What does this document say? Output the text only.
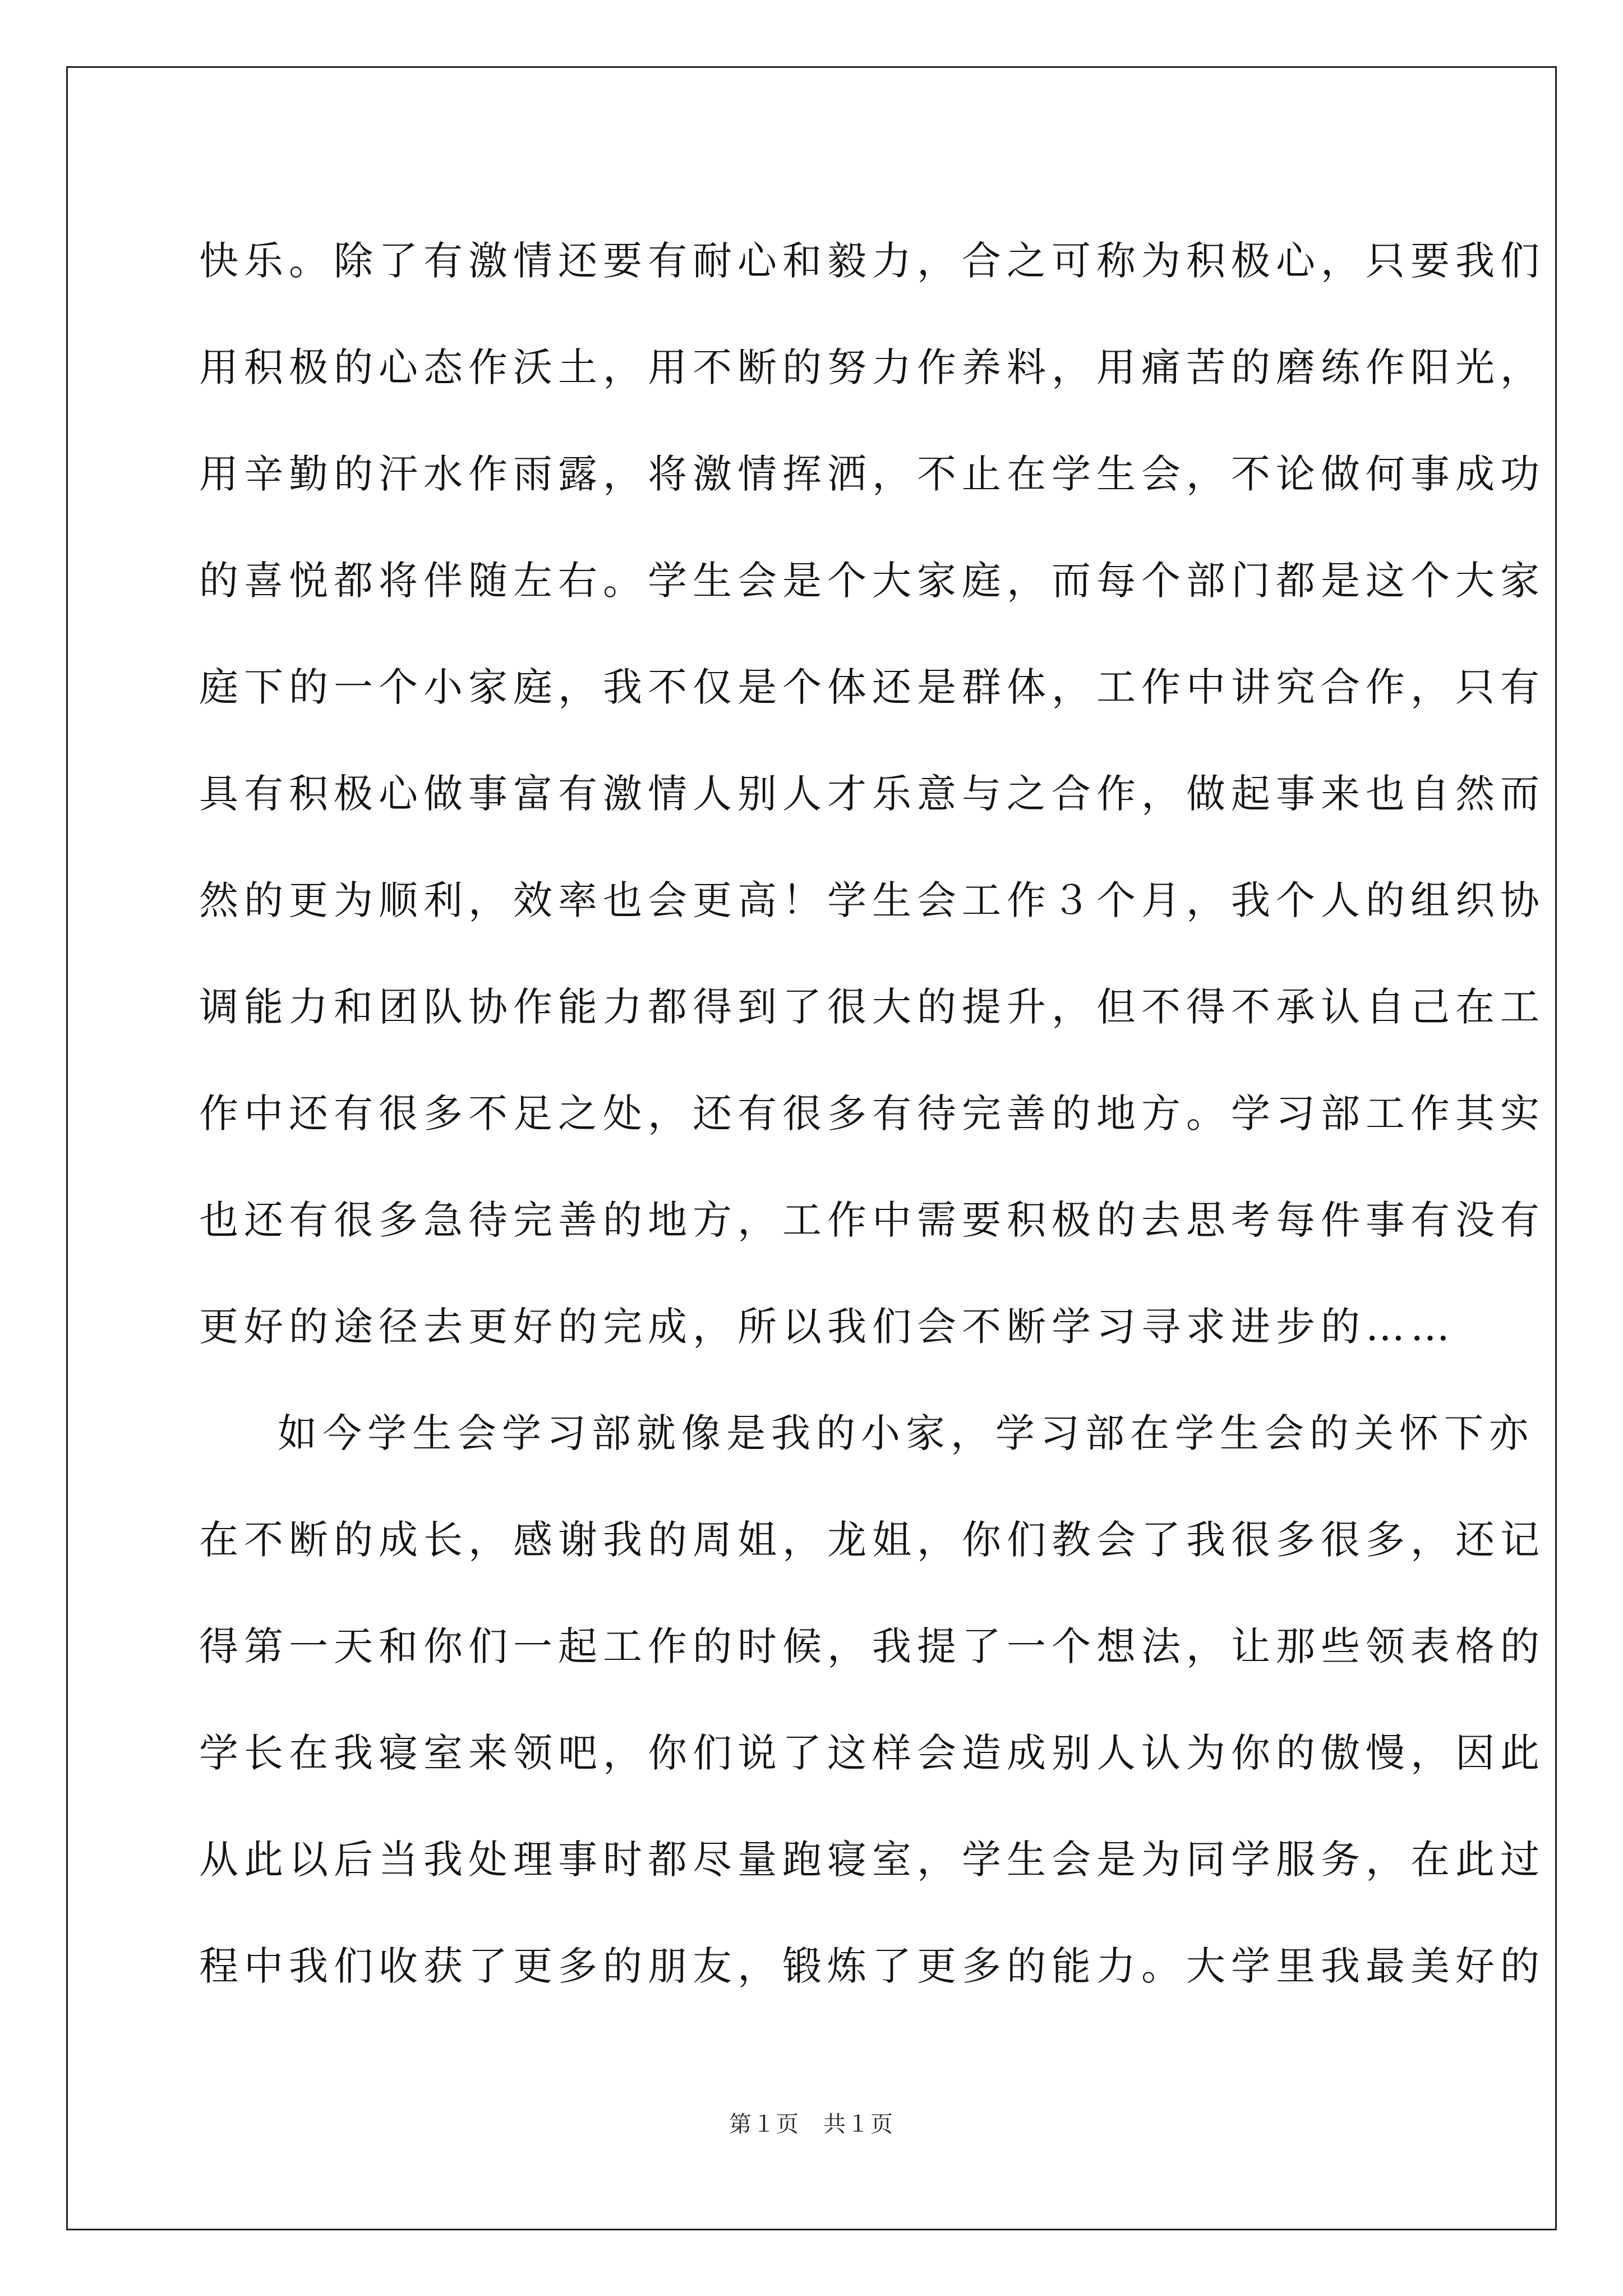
快乐。除了有激情还要有耐心和毅力，合之可称为积极心，只要我们
用积极的心态作沃土，用不断的努力作养料，用痛苦的磨练作阳光，
用辛勤的汗水作雨露，将激情挥洒，不止在学生会，不论做何事成功
的喜悦都将伴随左右。学生会是个大家庭，而每个部门都是这个大家
庭下的一个小家庭，我不仅是个体还是群体，工作中讲究合作，只有
具有积极心做事富有激情人别人才乐意与之合作，做起事来也自然而
然的更为顺利，效率也会更高！学生会工作３个月，我个人的组织协
调能力和团队协作能力都得到了很大的提升，但不得不承认自己在工
作中还有很多不足之处，还有很多有待完善的地方。学习部工作其实
也还有很多急待完善的地方，工作中需要积极的去思考每件事有没有
更好的途径去更好的完成，所以我们会不断学习寻求进步的……
如今学生会学习部就像是我的小家，学习部在学生会的关怀下亦
在不断的成长，感谢我的周姐，龙姐，你们教会了我很多很多，还记
得第一天和你们一起工作的时候，我提了一个想法，让那些领表格的
学长在我寝室来领吧，你们说了这样会造成别人认为你的傲慢，因此
从此以后当我处理事时都尽量跑寝室，学生会是为同学服务，在此过
程中我们收获了更多的朋友，锻炼了更多的能力。大学里我最美好的
第１页　共１页
